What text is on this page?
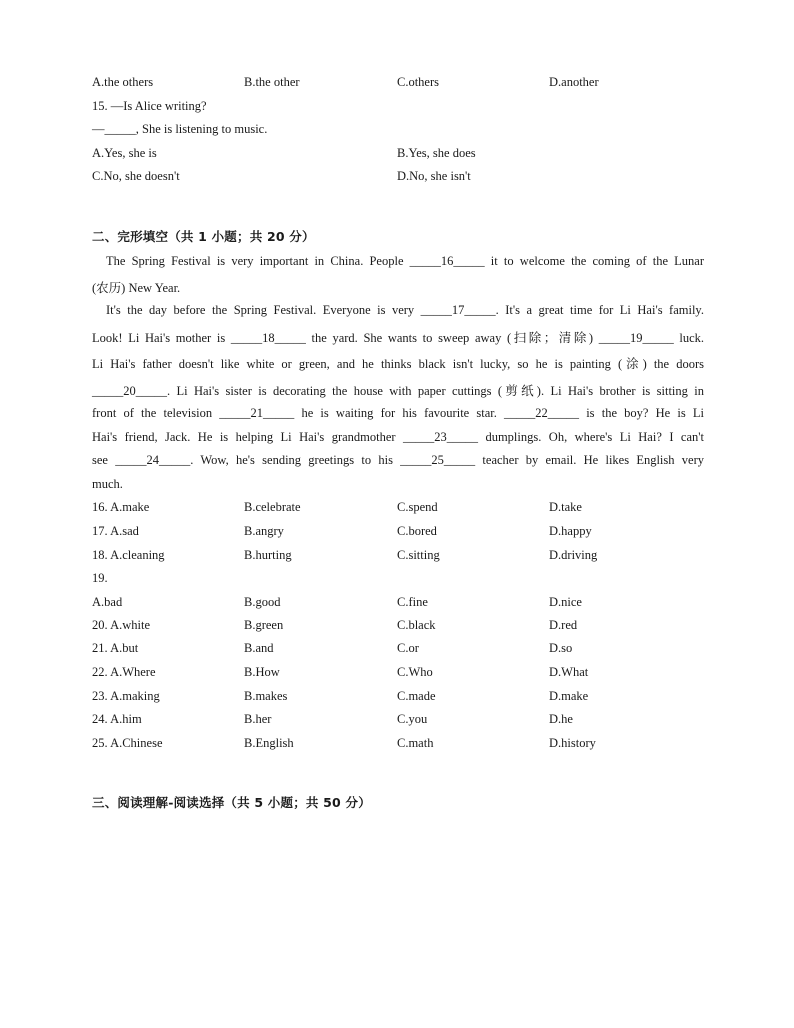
A.the others	B.the other	C.others	D.another
15. —Is Alice writing?
—_____, She is listening to music.
A.Yes, she is	B.Yes, she does
C.No, she doesn't	D.No, she isn't
二、完形填空（共 1 小题；共 20 分）
The Spring Festival is very important in China. People _____16_____ it to welcome the coming of the Lunar
(农历) New Year.
It's the day before the Spring Festival. Everyone is very _____17_____. It's a great time for Li Hai's family.
Look! Li Hai's mother is _____18_____ the yard. She wants to sweep away (扫除；清除) _____19_____ luck.
Li Hai's father doesn't like white or green, and he thinks black isn't lucky, so he is painting (涂) the doors
_____20_____. Li Hai's sister is decorating the house with paper cuttings (剪纸). Li Hai's brother is sitting in
front of the television _____21_____ he is waiting for his favourite star. _____22_____ is the boy? He is Li
Hai's friend, Jack. He is helping Li Hai's grandmother _____23_____ dumplings. Oh, where's Li Hai? I can't
see _____24_____. Wow, he's sending greetings to his _____25_____ teacher by email. He likes English very
much.
16. A.make	B.celebrate	C.spend	D.take
17. A.sad	B.angry	C.bored	D.happy
18. A.cleaning	B.hurting	C.sitting	D.driving
19.
A.bad	B.good	C.fine	D.nice
20. A.white	B.green	C.black	D.red
21. A.but	B.and	C.or	D.so
22. A.Where	B.How	C.Who	D.What
23. A.making	B.makes	C.made	D.make
24. A.him	B.her	C.you	D.he
25. A.Chinese	B.English	C.math	D.history
三、阅读理解-阅读选择（共 5 小题；共 50 分）
